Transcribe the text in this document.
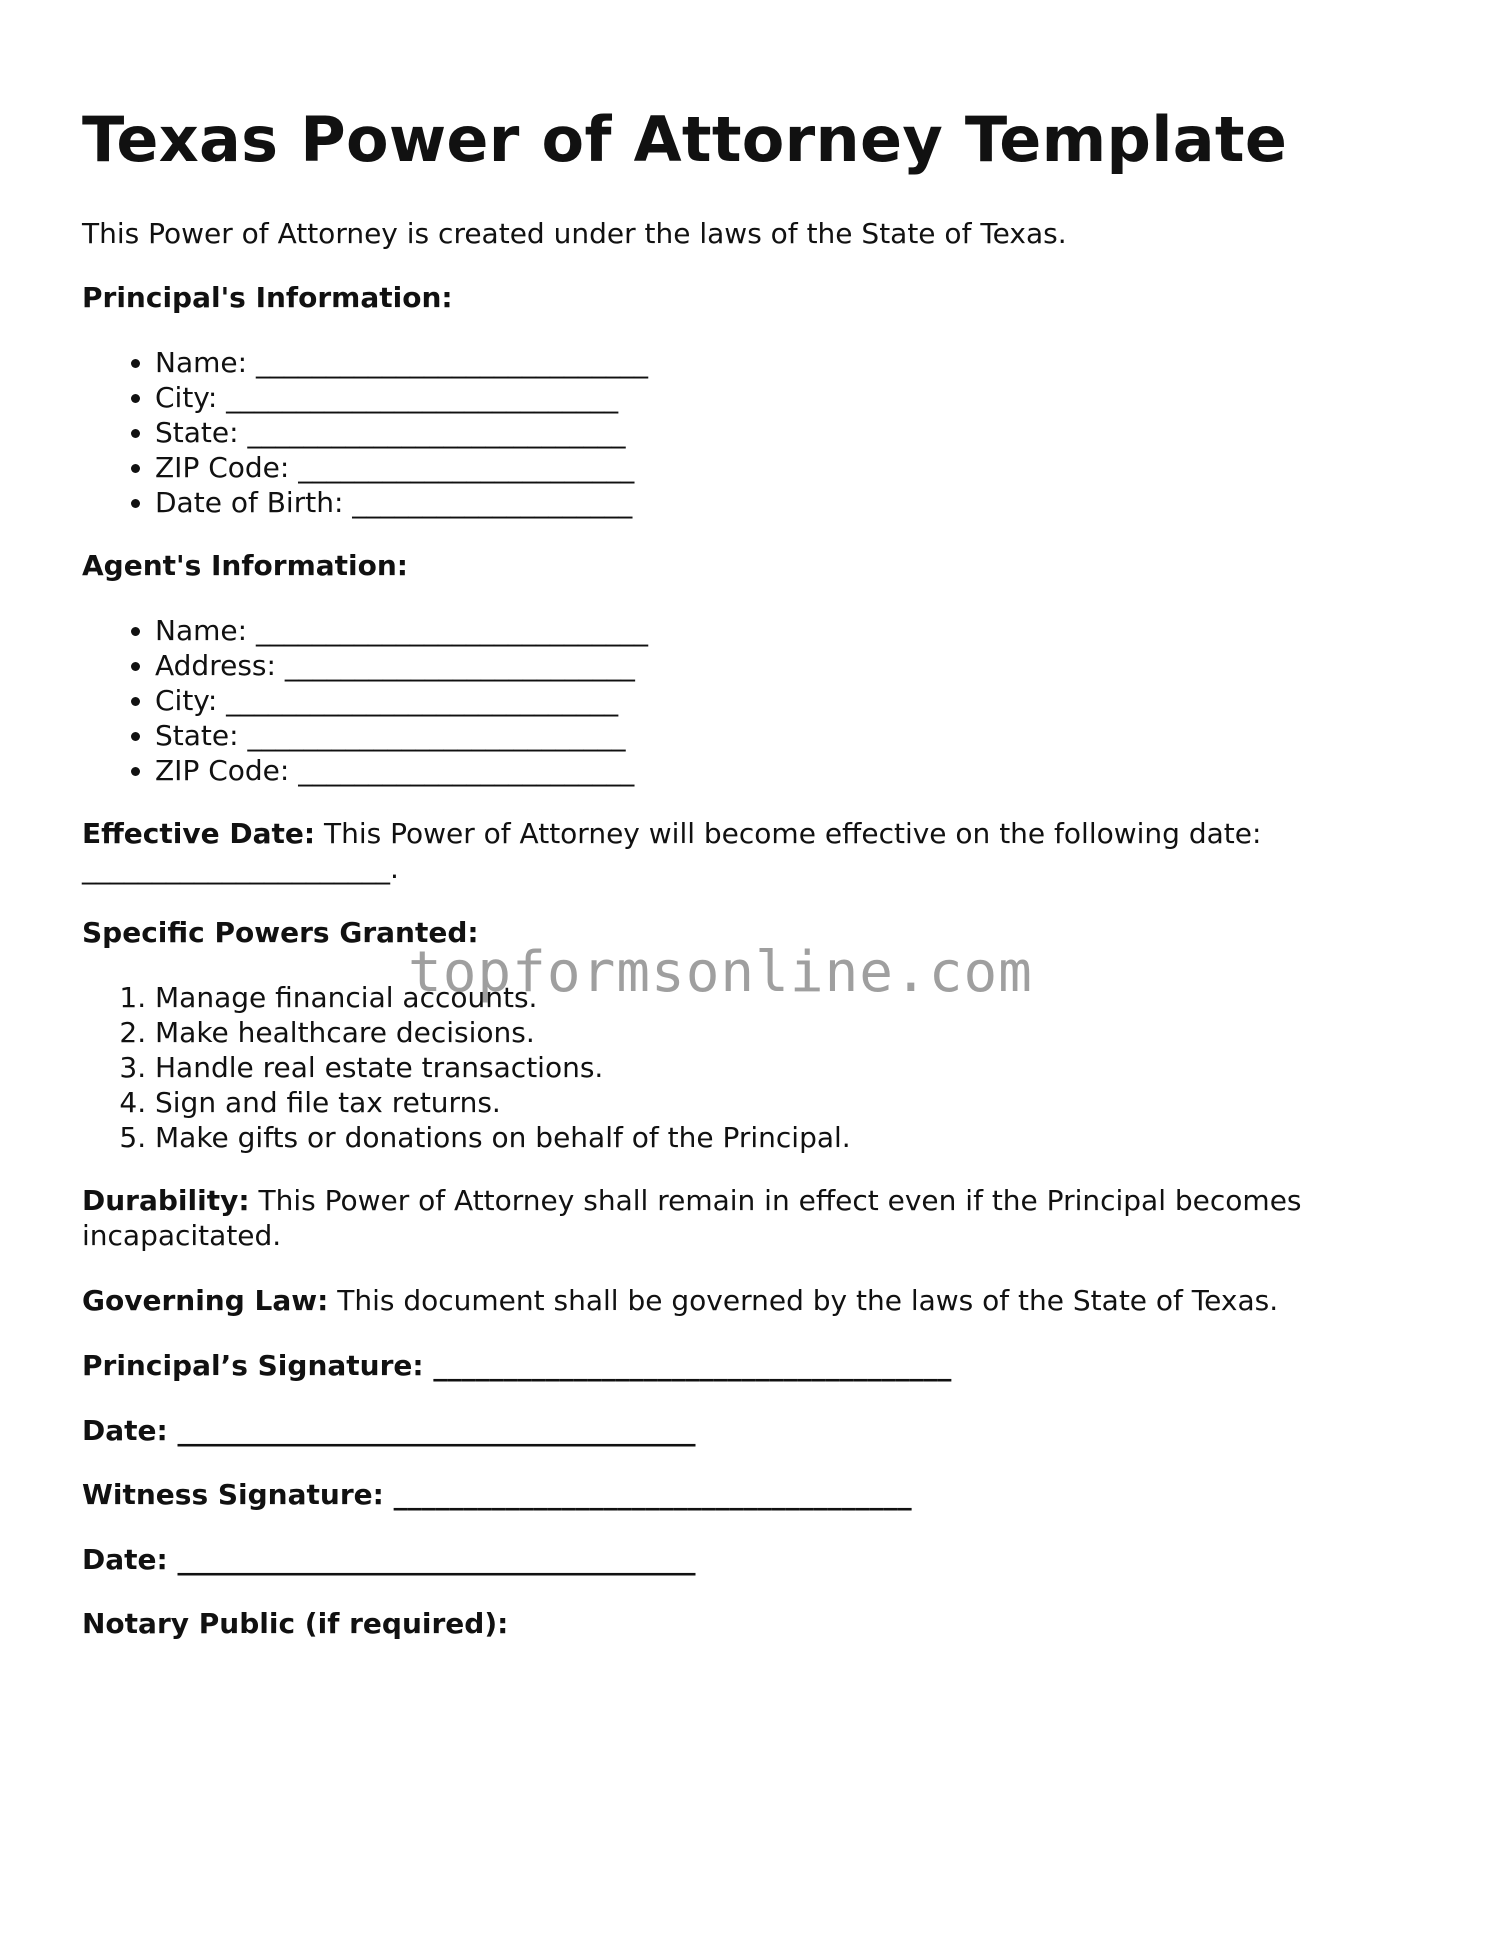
Texas Power of Attorney Template

This Power of Attorney is created under the laws of the State of Texas.

Principal's Information:

• Name: ____________________________
• City: ____________________________
• State: ___________________________
• ZIP Code: ________________________
• Date of Birth: ____________________

Agent's Information:

• Name: ____________________________
• Address: _________________________
• City: ____________________________
• State: ___________________________
• ZIP Code: ________________________

Effective Date: This Power of Attorney will become effective on the following date:

______________________.

Specific Powers Granted:

1. Manage financial accounts.
2. Make healthcare decisions.
3. Handle real estate transactions.
4. Sign and file tax returns.
5. Make gifts or donations on behalf of the Principal.

Durability: This Power of Attorney shall remain in effect even if the Principal becomes incapacitated.

Governing Law: This document shall be governed by the laws of the State of Texas.

Principal’s Signature: _____________________________________

Date: _____________________________________

Witness Signature: _____________________________________

Date: _____________________________________

Notary Public (if required):

topformsonline.com
